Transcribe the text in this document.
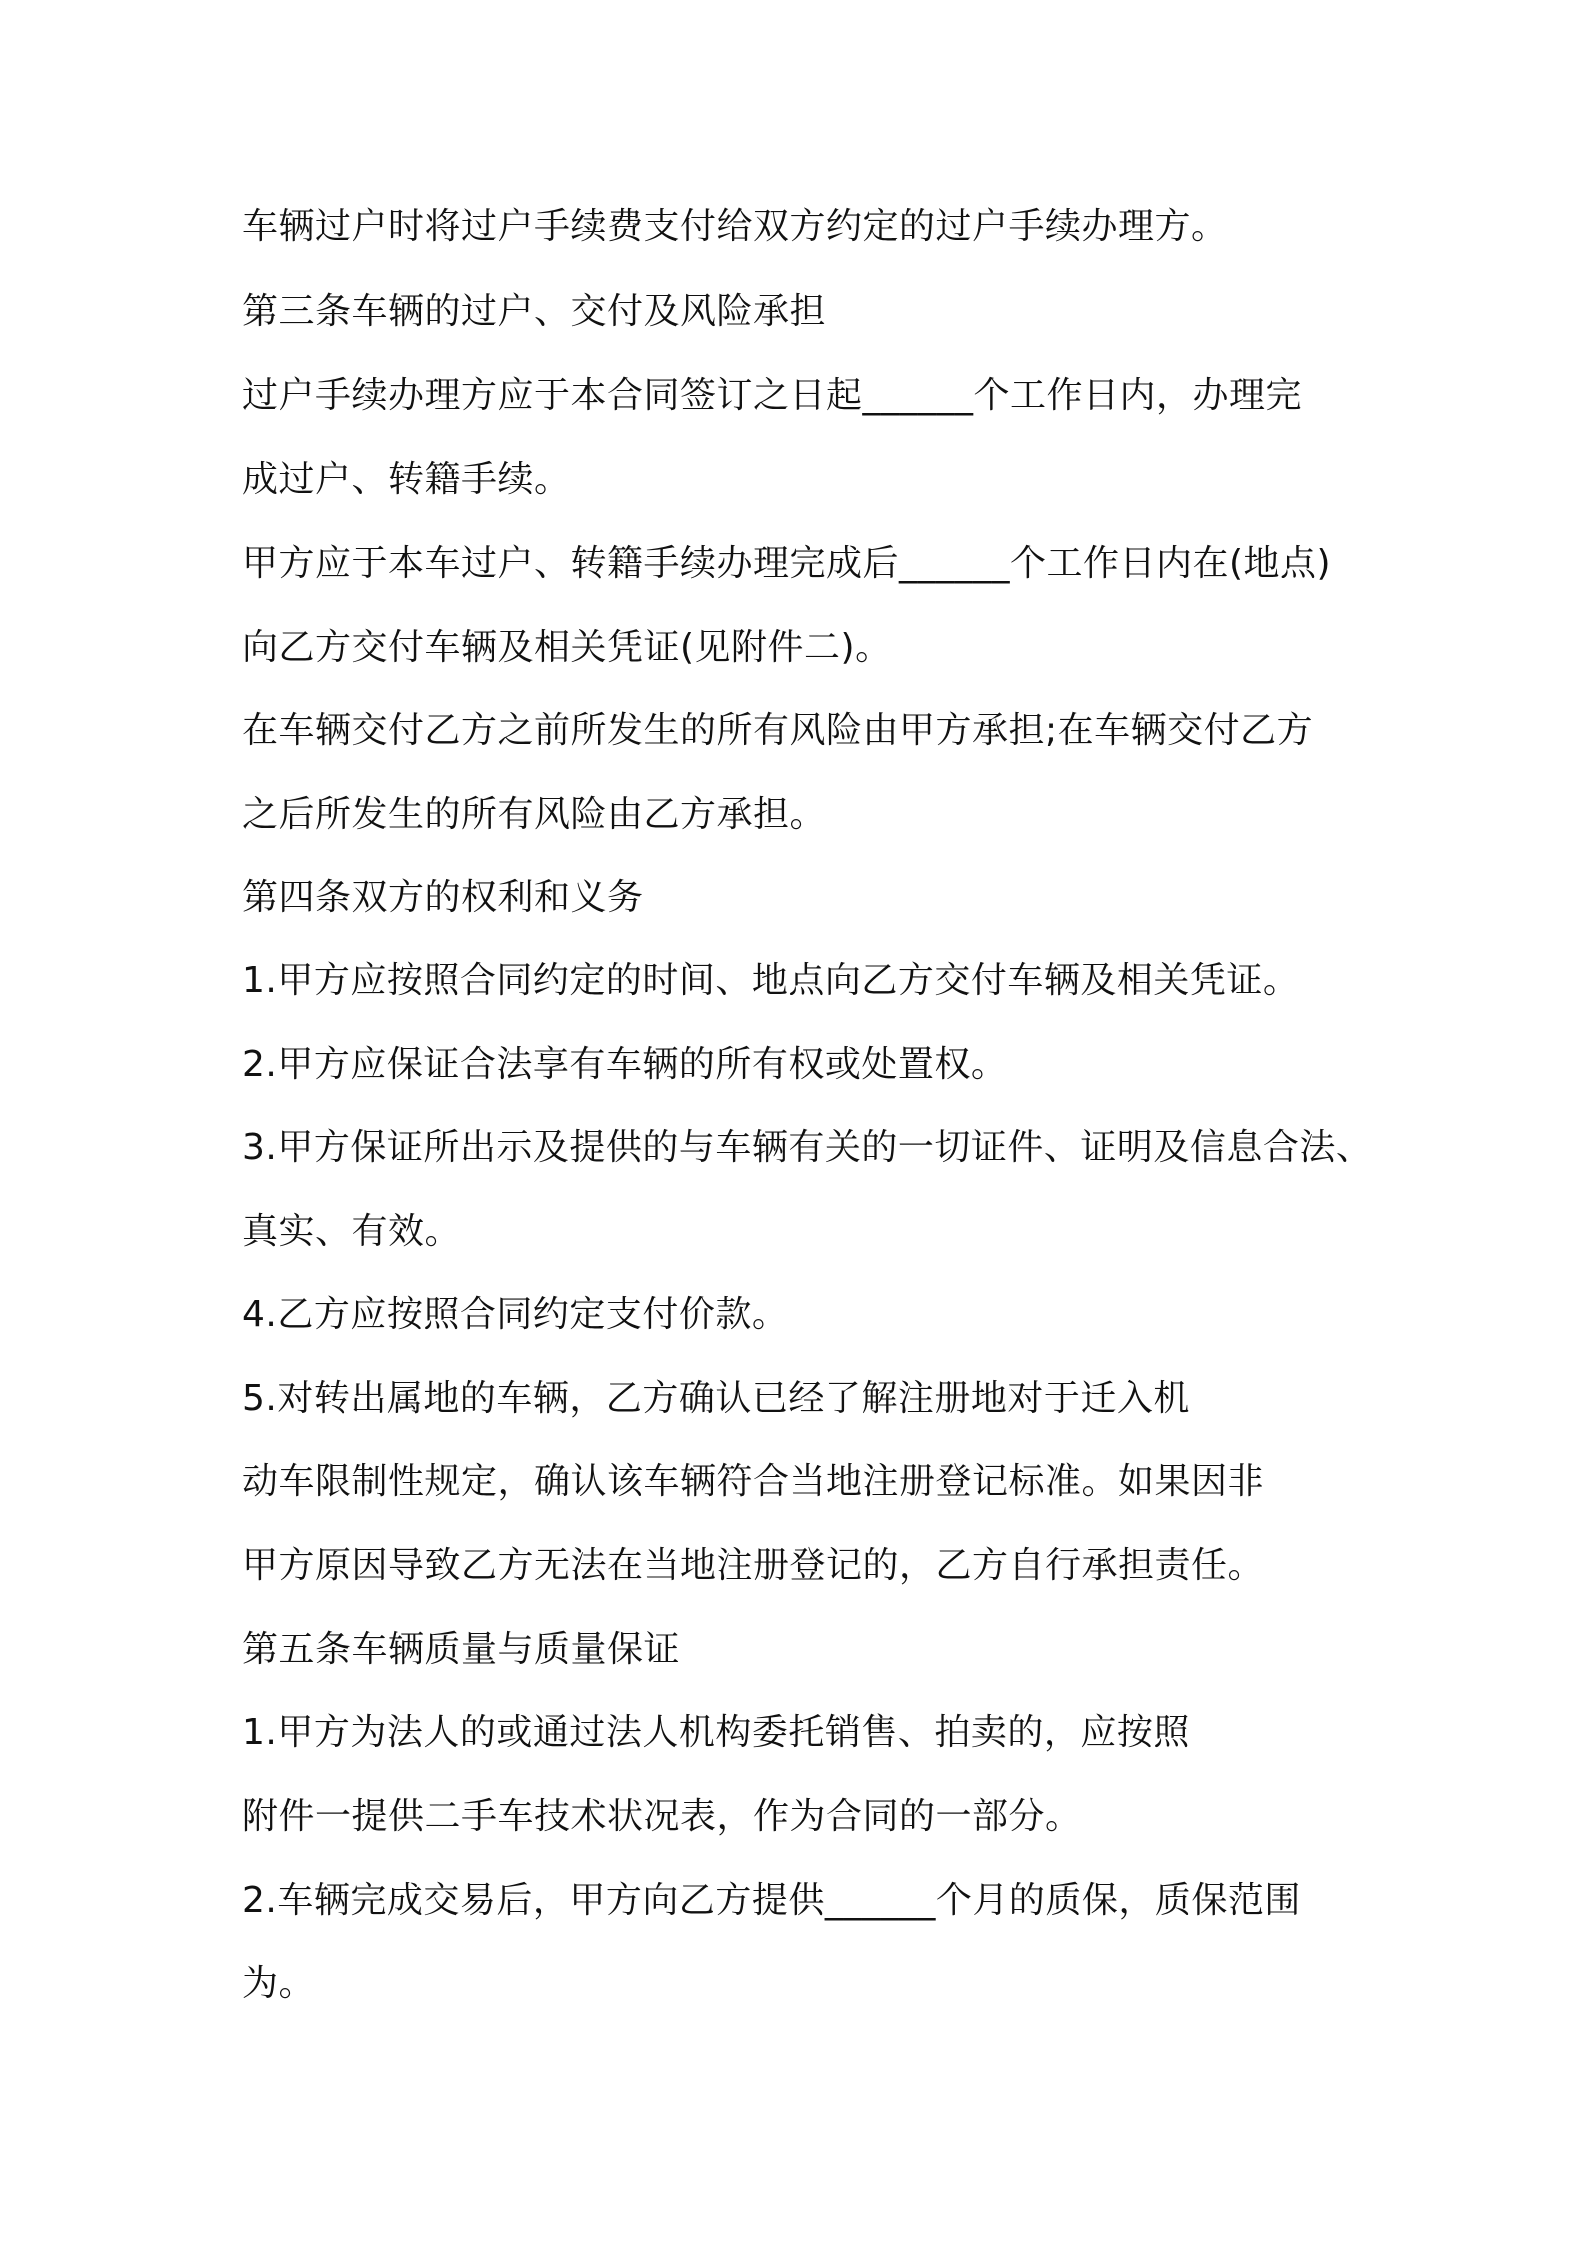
车辆过户时将过户手续费支付给双方约定的过户手续办理方。
第三条车辆的过户、交付及风险承担
过户手续办理方应于本合同签订之日起______个工作日内，办理完
成过户、转籍手续。
甲方应于本车过户、转籍手续办理完成后______个工作日内在(地点)
向乙方交付车辆及相关凭证(见附件二)。
在车辆交付乙方之前所发生的所有风险由甲方承担;在车辆交付乙方
之后所发生的所有风险由乙方承担。
第四条双方的权利和义务
1.甲方应按照合同约定的时间、地点向乙方交付车辆及相关凭证。
2.甲方应保证合法享有车辆的所有权或处置权。
3.甲方保证所出示及提供的与车辆有关的一切证件、证明及信息合法、
真实、有效。
4.乙方应按照合同约定支付价款。
5.对转出属地的车辆，乙方确认已经了解注册地对于迁入机
动车限制性规定，确认该车辆符合当地注册登记标准。如果因非
甲方原因导致乙方无法在当地注册登记的，乙方自行承担责任。
第五条车辆质量与质量保证
1.甲方为法人的或通过法人机构委托销售、拍卖的，应按照
附件一提供二手车技术状况表，作为合同的一部分。
2.车辆完成交易后，甲方向乙方提供______个月的质保，质保范围
为。
